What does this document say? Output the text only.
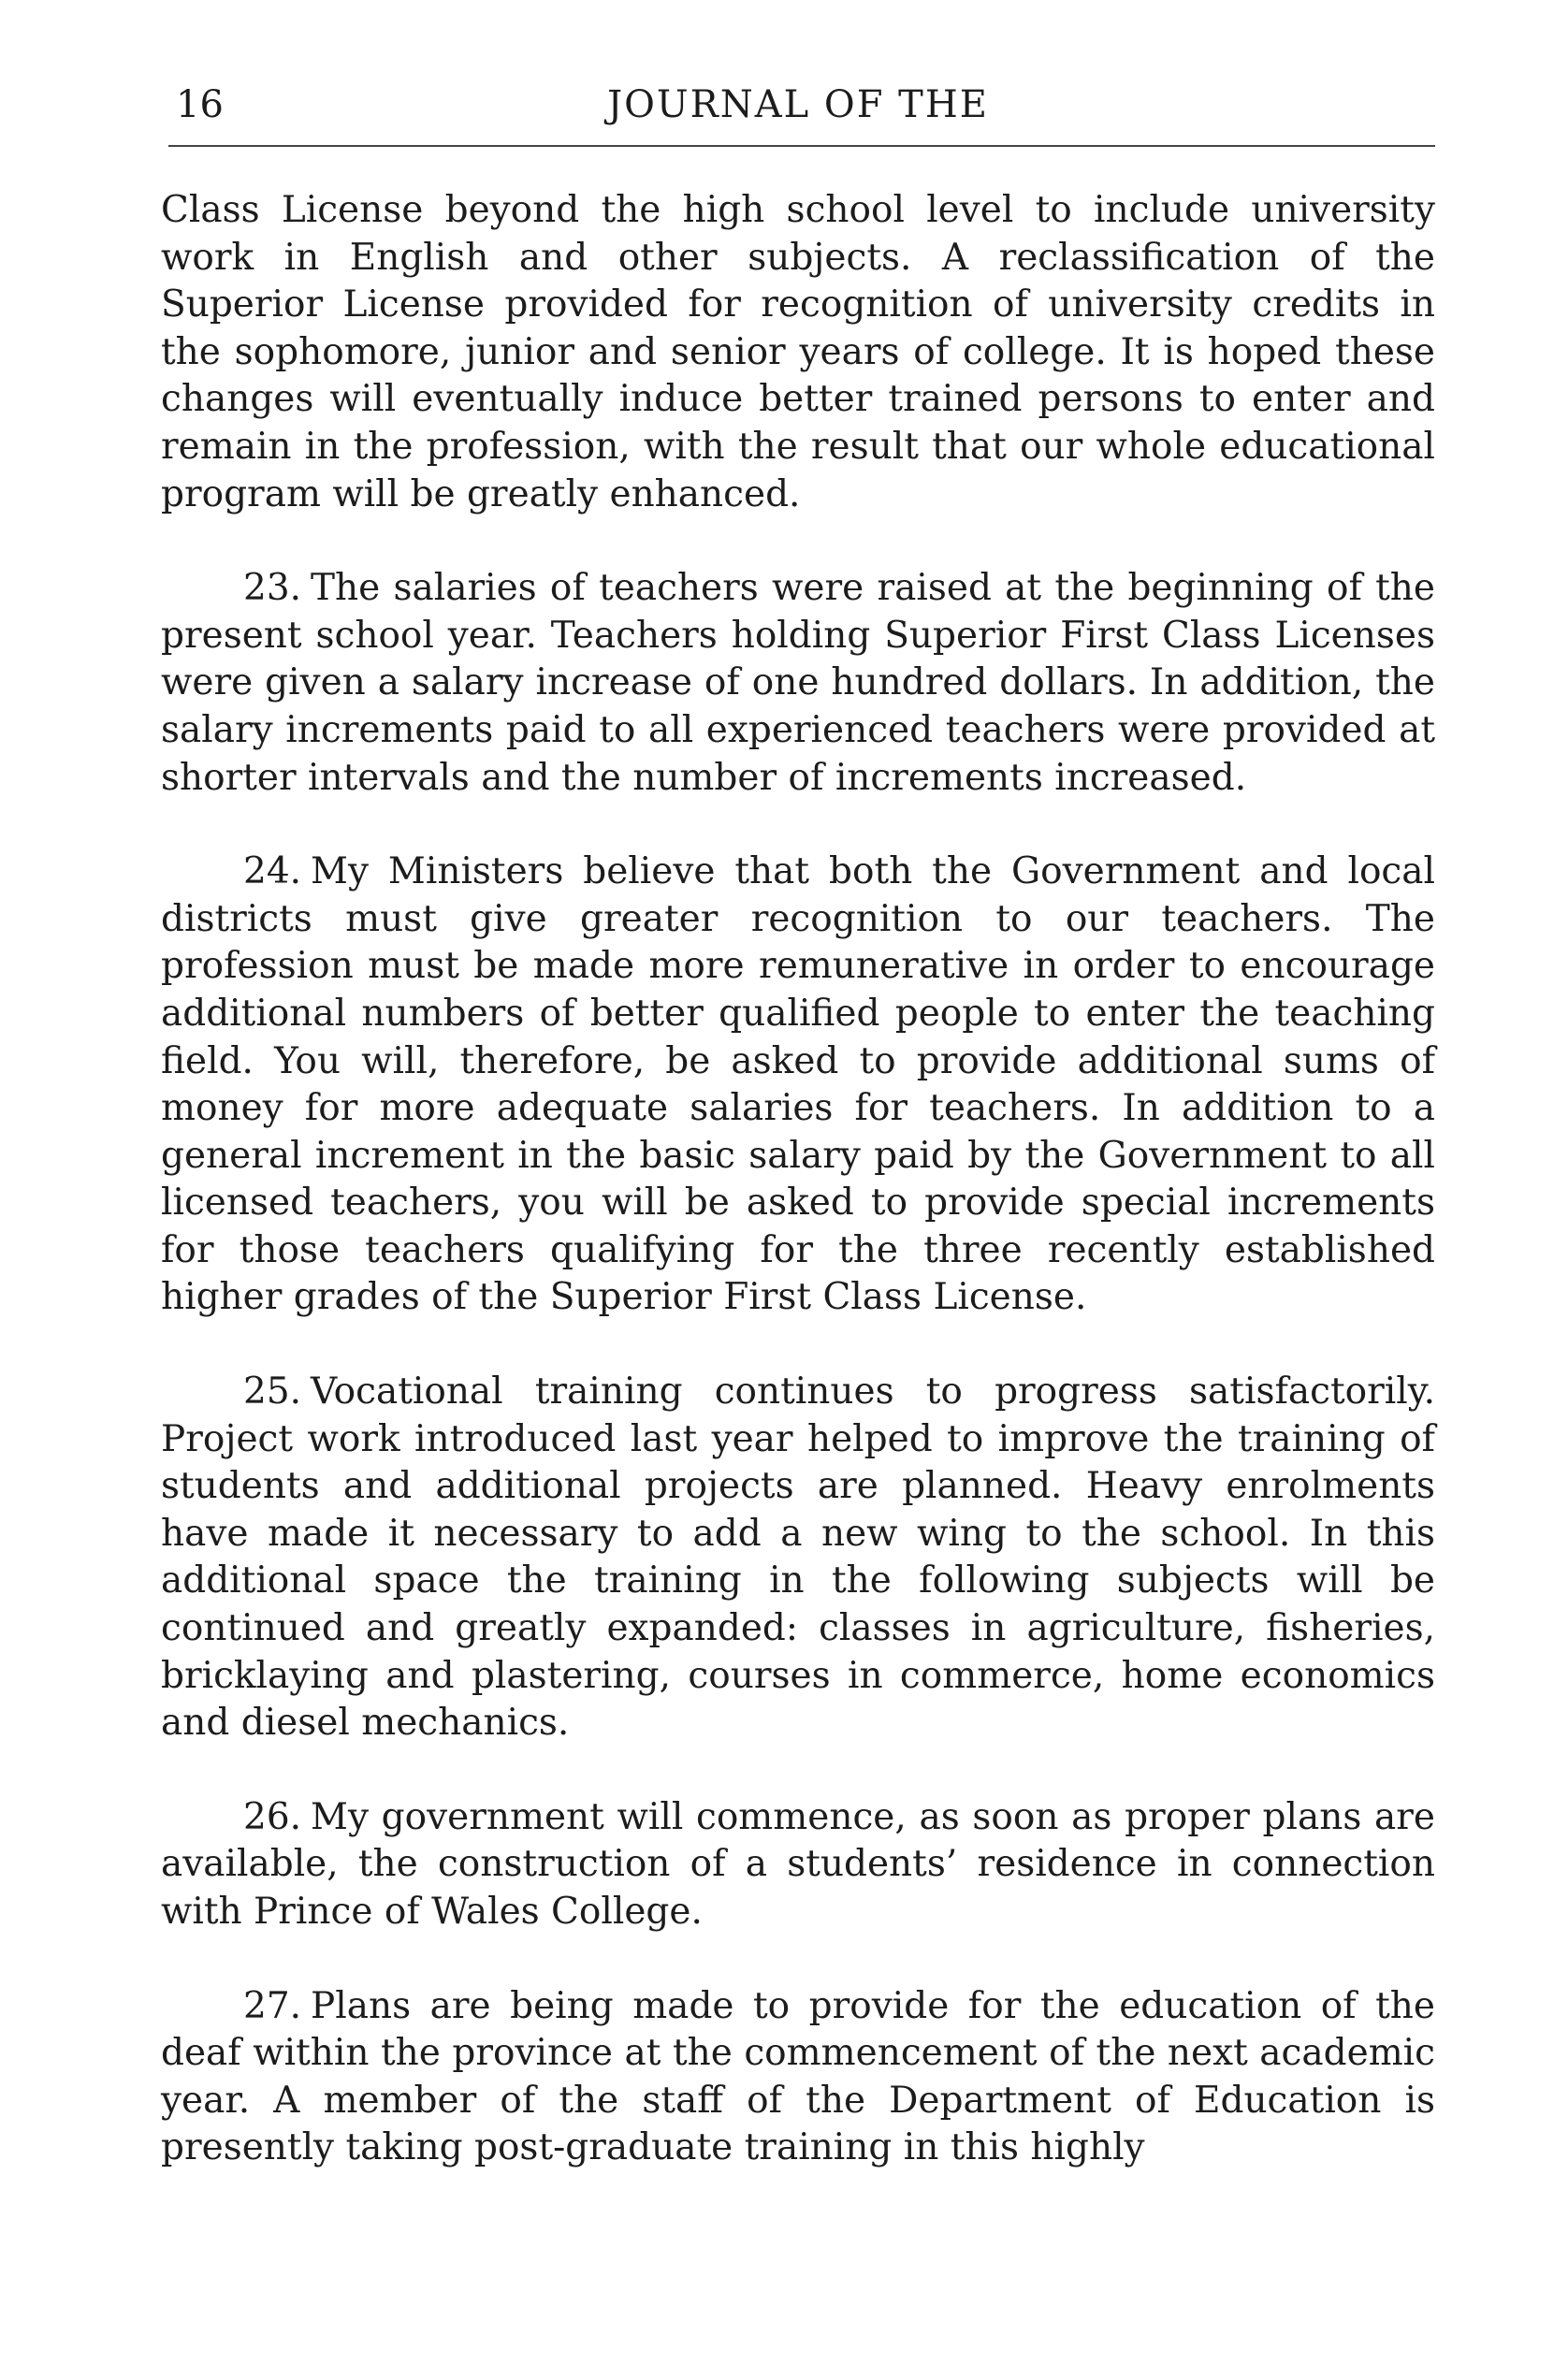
16	JOURNAL OF THE

Class License beyond the high school level to include university work in English and other subjects. A reclassification of the Superior License provided for recognition of university credits in the sophomore, junior and senior years of college. It is hoped these changes will eventually induce better trained persons to enter and remain in the profession, with the result that our whole educational program will be greatly enhanced.

23. The salaries of teachers were raised at the beginning of the present school year. Teachers holding Superior First Class Licenses were given a salary increase of one hundred dollars. In addition, the salary increments paid to all experienced teachers were provided at shorter intervals and the number of increments increased.

24. My Ministers believe that both the Government and local districts must give greater recognition to our teachers. The profession must be made more remunerative in order to encourage additional numbers of better qualified people to enter the teaching field. You will, therefore, be asked to provide additional sums of money for more adequate salaries for teachers. In addition to a general increment in the basic salary paid by the Government to all licensed teachers, you will be asked to provide special increments for those teachers qualifying for the three recently established higher grades of the Superior First Class License.

25. Vocational training continues to progress satisfactorily. Project work introduced last year helped to improve the training of students and additional projects are planned. Heavy enrolments have made it necessary to add a new wing to the school. In this additional space the training in the following subjects will be continued and greatly expanded: classes in agriculture, fisheries, bricklaying and plastering, courses in commerce, home economics and diesel mechanics.

26. My government will commence, as soon as proper plans are available, the construction of a students’ residence in connection with Prince of Wales College.

27. Plans are being made to provide for the education of the deaf within the province at the commencement of the next academic year. A member of the staff of the Department of Education is presently taking post-graduate training in this highly
